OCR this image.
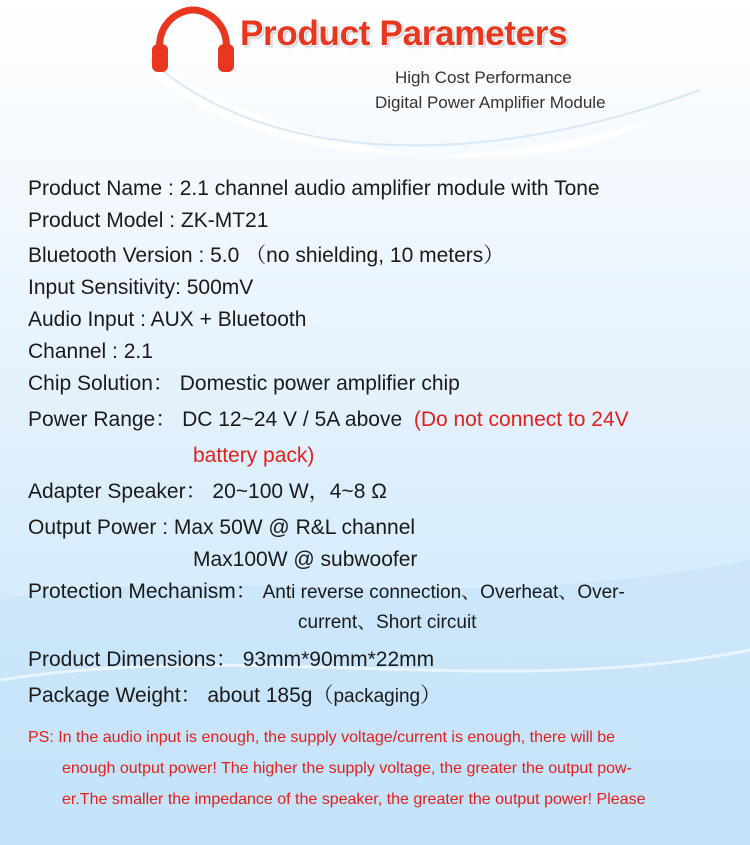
Product Parameters
High Cost Performance
Digital Power Amplifier Module
Product Name : 2.1 channel audio amplifier module with Tone
Product Model : ZK-MT21
Bluetooth Version : 5.0 （no shielding, 10 meters）
Input Sensitivity: 500mV
Audio Input : AUX + Bluetooth
Channel : 2.1
Chip Solution： Domestic power amplifier chip
Power Range： DC 12~24 V / 5A above (Do not connect to 24V
battery pack)
Adapter Speaker： 20~100 W，4~8 Ω
Output Power : Max 50W @ R&L channel
Max100W @ subwoofer
Protection Mechanism： Anti reverse connection、Overheat、Over-
current、Short circuit
Product Dimensions： 93mm*90mm*22mm
Package Weight： about 185g（packaging）
PS: In the audio input is enough, the supply voltage/current is enough, there will be
enough output power! The higher the supply voltage, the greater the output pow-
er.The smaller the impedance of the speaker, the greater the output power! Please
